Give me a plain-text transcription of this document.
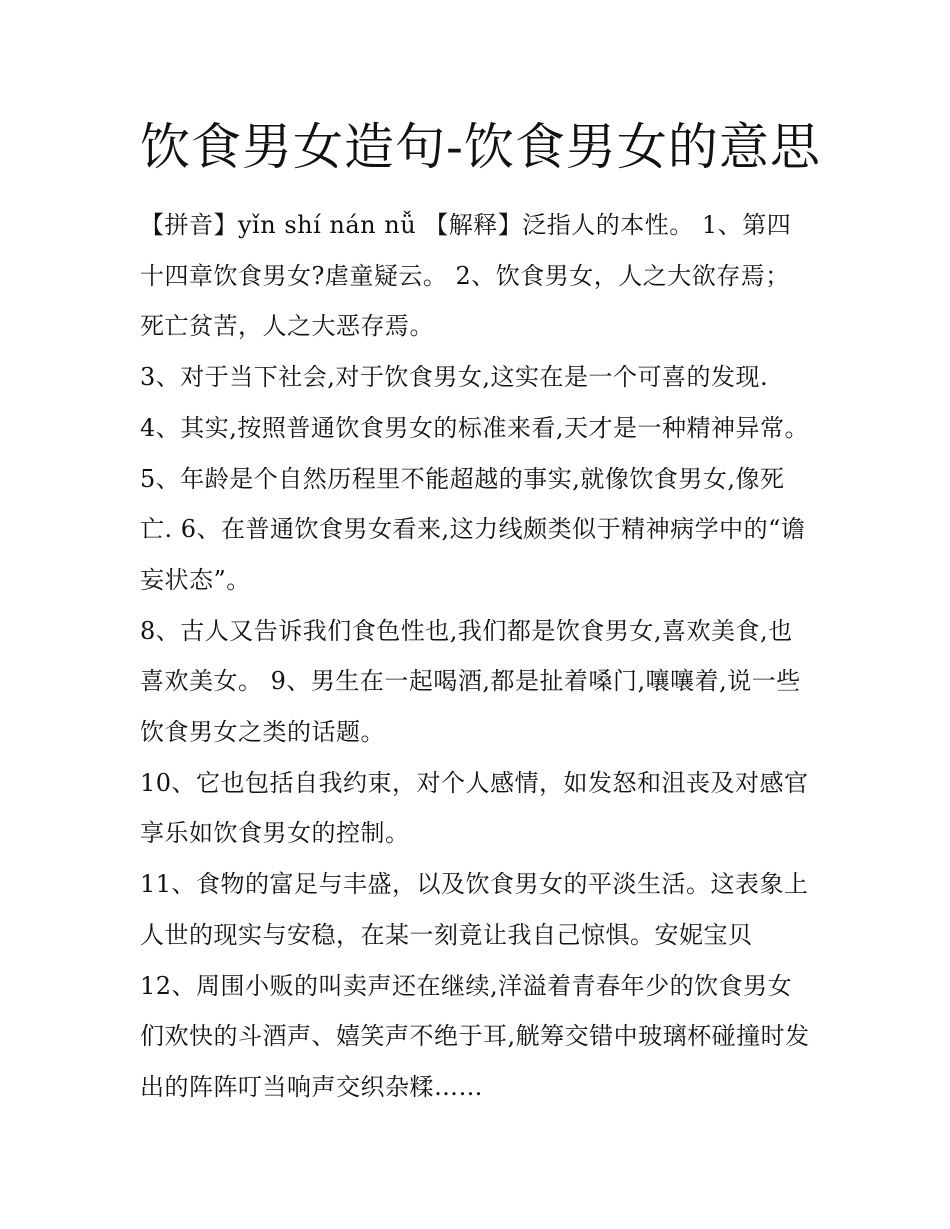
饮食男女造句-饮食男女的意思

【拼音】yǐn shí nán nǚ 【解释】泛指人的本性。 1、第四十四章饮食男女?虐童疑云。 2、饮食男女，人之大欲存焉；死亡贫苦，人之大恶存焉。

3、对于当下社会,对于饮食男女,这实在是一个可喜的发现. 4、其实,按照普通饮食男女的标准来看,天才是一种精神异常。

5、年龄是个自然历程里不能超越的事实,就像饮食男女,像死亡. 6、在普通饮食男女看来,这力线颇类似于精神病学中的“谵妄状态”。

8、古人又告诉我们食色性也,我们都是饮食男女,喜欢美食,也喜欢美女。 9、男生在一起喝酒,都是扯着嗓门,嚷嚷着,说一些饮食男女之类的话题。

10、它也包括自我约束，对个人感情，如发怒和沮丧及对感官享乐如饮食男女的控制。

11、食物的富足与丰盛，以及饮食男女的平淡生活。这表象上人世的现实与安稳，在某一刻竟让我自己惊惧。安妮宝贝

12、周围小贩的叫卖声还在继续,洋溢着青春年少的饮食男女们欢快的斗酒声、嬉笑声不绝于耳,觥筹交错中玻璃杯碰撞时发出的阵阵叮当响声交织杂糅……
